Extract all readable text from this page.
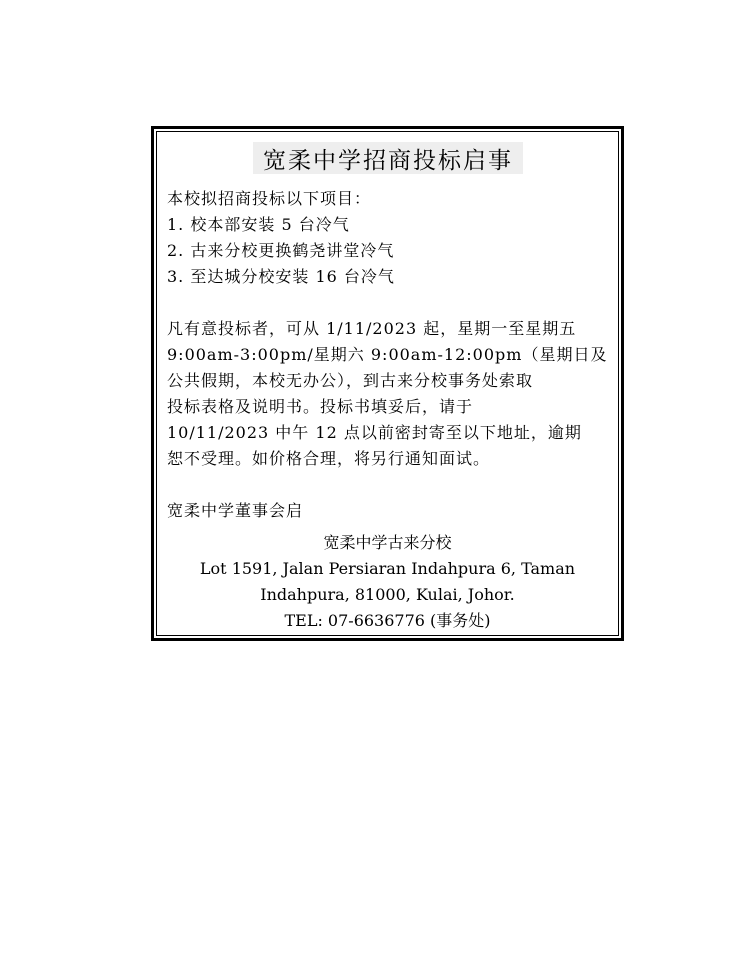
宽柔中学招商投标启事
本校拟招商投标以下项目：
1. 校本部安装 5 台冷气
2. 古来分校更换鹤尧讲堂冷气
3. 至达城分校安装 16 台冷气
凡有意投标者，可从 1/11/2023 起，星期一至星期五
9:00am-3:00pm/星期六 9:00am-12:00pm（星期日及
公共假期，本校无办公），到古来分校事务处索取
投标表格及说明书。投标书填妥后，请于
10/11/2023 中午 12 点以前密封寄至以下地址，逾期
恕不受理。如价格合理，将另行通知面试。
宽柔中学董事会启
宽柔中学古来分校
Lot 1591, Jalan Persiaran Indahpura 6, Taman
Indahpura, 81000, Kulai, Johor.
TEL: 07-6636776 (事务处)
